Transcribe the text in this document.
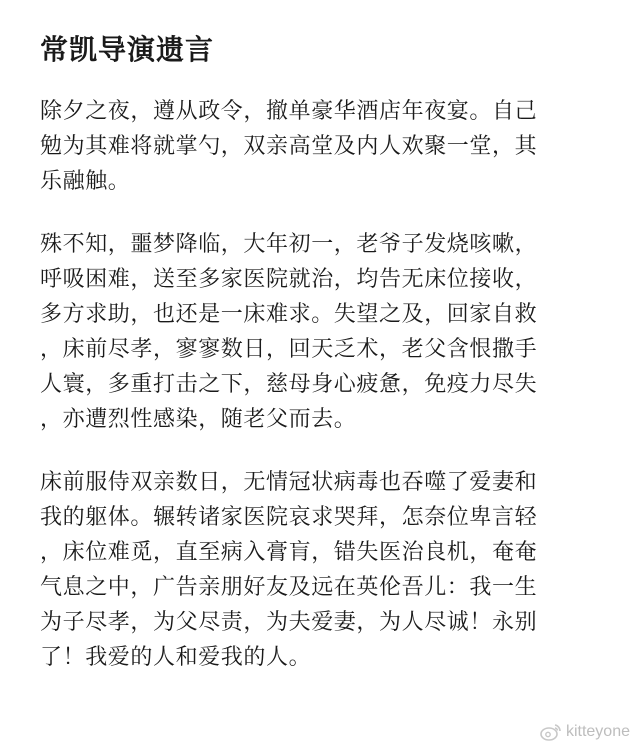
常凯导演遗言

除夕之夜，遵从政令，撤单豪华酒店年夜宴。自己
勉为其难将就掌勺，双亲高堂及内人欢聚一堂，其
乐融触。

殊不知，噩梦降临，大年初一，老爷子发烧咳嗽，
呼吸困难，送至多家医院就治，均告无床位接收，
多方求助，也还是一床难求。失望之及，回家自救
，床前尽孝，寥寥数日，回天乏术，老父含恨撒手
人寰，多重打击之下，慈母身心疲惫，免疫力尽失
，亦遭烈性感染，随老父而去。

床前服侍双亲数日，无情冠状病毒也吞噬了爱妻和
我的躯体。辗转诸家医院哀求哭拜，怎奈位卑言轻
，床位难觅，直至病入膏肓，错失医治良机，奄奄
气息之中，广告亲朋好友及远在英伦吾儿：我一生
为子尽孝，为父尽责，为夫爱妻，为人尽诚！永别
了！我爱的人和爱我的人。

kitteyone
